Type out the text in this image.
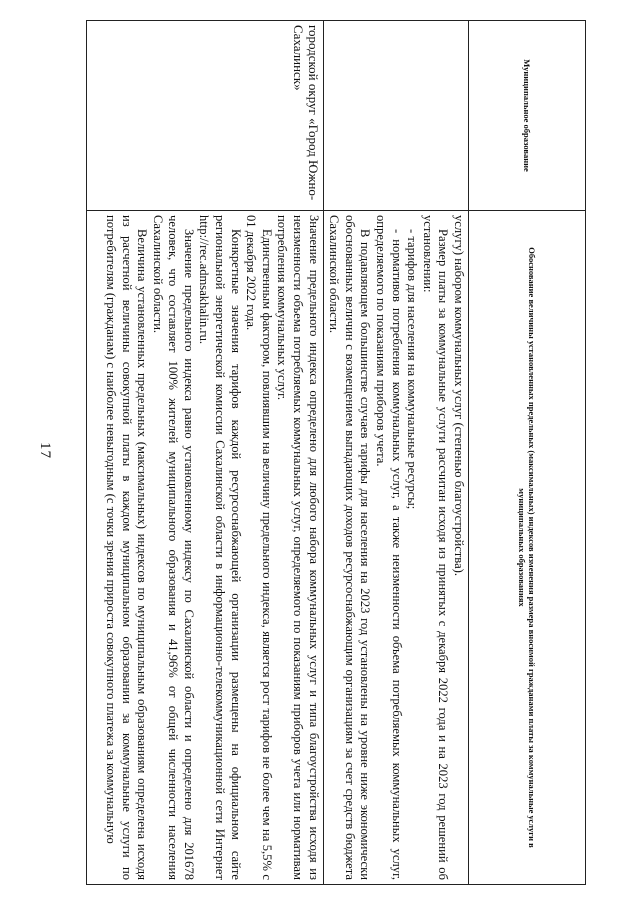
17
Муниципальное образование	Обоснование величины установленных предельных (максимальных) индексов изменения размера вносимой гражданами платы за коммунальные услуги в муниципальных образованиях

	услугу) набором коммунальных услуг (степенью благоустройства).

Размер платы за коммунальные услуги рассчитан исходя из принятых с декабря 2022 года и на 2023 год решений об установлении:

- тарифов для населения на коммунальные ресурсы;

- нормативов потребления коммунальных услуг, а также неизменности объема потребляемых коммунальных услуг, определяемого по показаниям приборов учета.

В подавляющем большинстве случаев тарифы для населения на 2023 год установлены на уровне ниже экономически обоснованных величин с возмещением выпадающих доходов ресурсоснабжающим организациям за счет средств бюджета Сахалинской области.

городской округ «Город Южно-Сахалинск»	Значение предельного индекса определено для любого набора коммунальных услуг и типа благоустройства исходя из неизменности объема потребляемых коммунальных услуг, определяемого по показаниям приборов учета или нормативам потребления коммунальных услуг.

Единственным фактором, повлиявшим на величину предельного индекса, является рост тарифов не более чем на 5,5% с 01 декабря 2022 года.

Конкретные значения тарифов каждой ресурсоснабжающей организации размещены на официальном сайте региональной энергетической комиссии Сахалинской области в информационно-телекоммуникационной сети Интернет http://rec.admsakhalin.ru.

Значение предельного индекса равно установленному индексу по Сахалинской области и определено для 201678 человек, что составляет 100% жителей муниципального образования и 41,96% от общей численности населения Сахалинской области.

Величина установленных предельных (максимальных) индексов по муниципальным образованиям определена исходя из расчетной величины совокупной платы в каждом муниципальном образовании за коммунальные услуги по потребителям (гражданам) с наиболее невыгодным (с точки зрения прироста совокупного платежа за коммунальную
